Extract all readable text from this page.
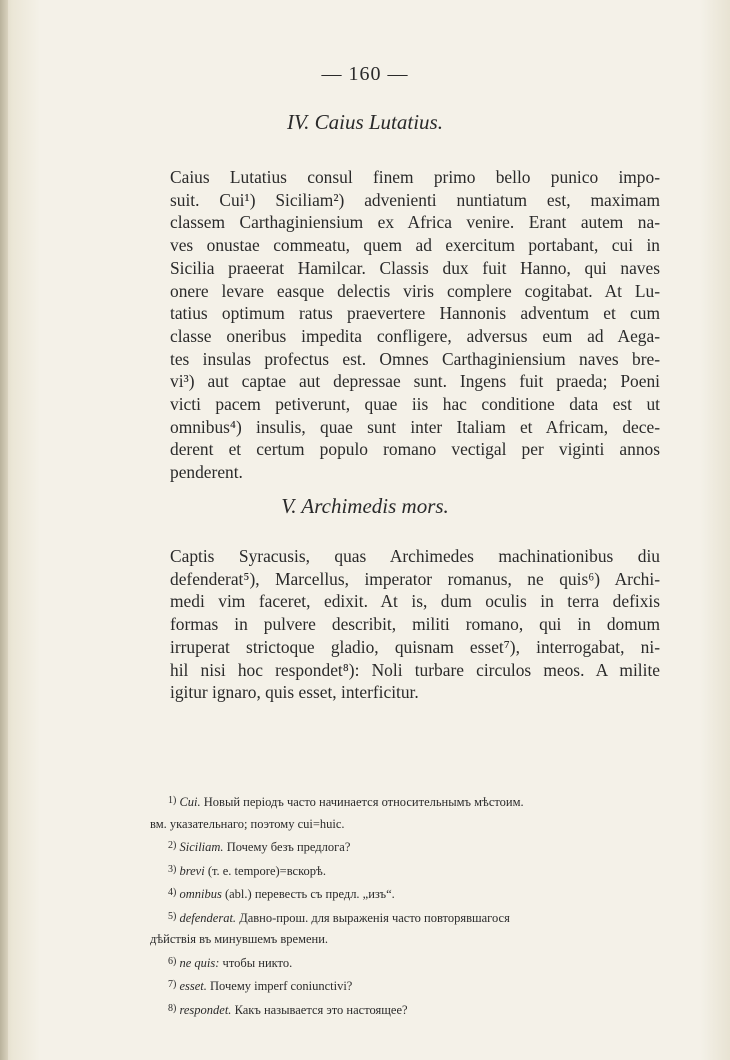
— 160 —
IV. Caius Lutatius.
Caius Lutatius consul finem primo bello punico impo-
suit. Cui¹) Siciliam²) advenienti nuntiatum est, maximam
classem Carthaginiensium ex Africa venire. Erant autem na-
ves onustae commeatu, quem ad exercitum portabant, cui in
Sicilia praeerat Hamilcar. Classis dux fuit Hanno, qui naves
onere levare easque delectis viris complere cogitabat. At Lu-
tatius optimum ratus praevertere Hannonis adventum et cum
classe oneribus impedita confligere, adversus eum ad Aega-
tes insulas profectus est. Omnes Carthaginiensium naves bre-
vi³) aut captae aut depressae sunt. Ingens fuit praeda; Poeni
victi pacem petiverunt, quae iis hac conditione data est ut
omnibus⁴) insulis, quae sunt inter Italiam et Africam, dece-
derent et certum populo romano vectigal per viginti annos
penderent.
V. Archimedis mors.
Captis Syracusis, quas Archimedes machinationibus diu
defenderat⁵), Marcellus, imperator romanus, ne quis⁶) Archi-
medi vim faceret, edixit. At is, dum oculis in terra defixis
formas in pulvere describit, militi romano, qui in domum
irruperat strictoque gladio, quisnam esset⁷), interrogabat, ni-
hil nisi hoc respondet⁸): Noli turbare circulos meos. A milite
igitur ignaro, quis esset, interficitur.
$^{1)}$ Cui. Новый періодъ часто начинается относительнымъ мѣстоим.
вм. указательнаго; поэтому cui=huic.
$^{2)}$ Siciliam. Почему безъ предлога?
$^{3)}$ brevi (т. е. tempore)=вскорѣ.
$^{4)}$ omnibus (abl.) перевесть съ предл. „изъ“.
$^{5)}$ defenderat. Давно-прош. для выраженія часто повторявшагося
дѣйствія въ минувшемъ времени.
$^{6)}$ ne quis: чтобы никто.
$^{7)}$ esset. Почему imperf coniunctivi?
$^{8)}$ respondet. Какъ называется это настоящее?
